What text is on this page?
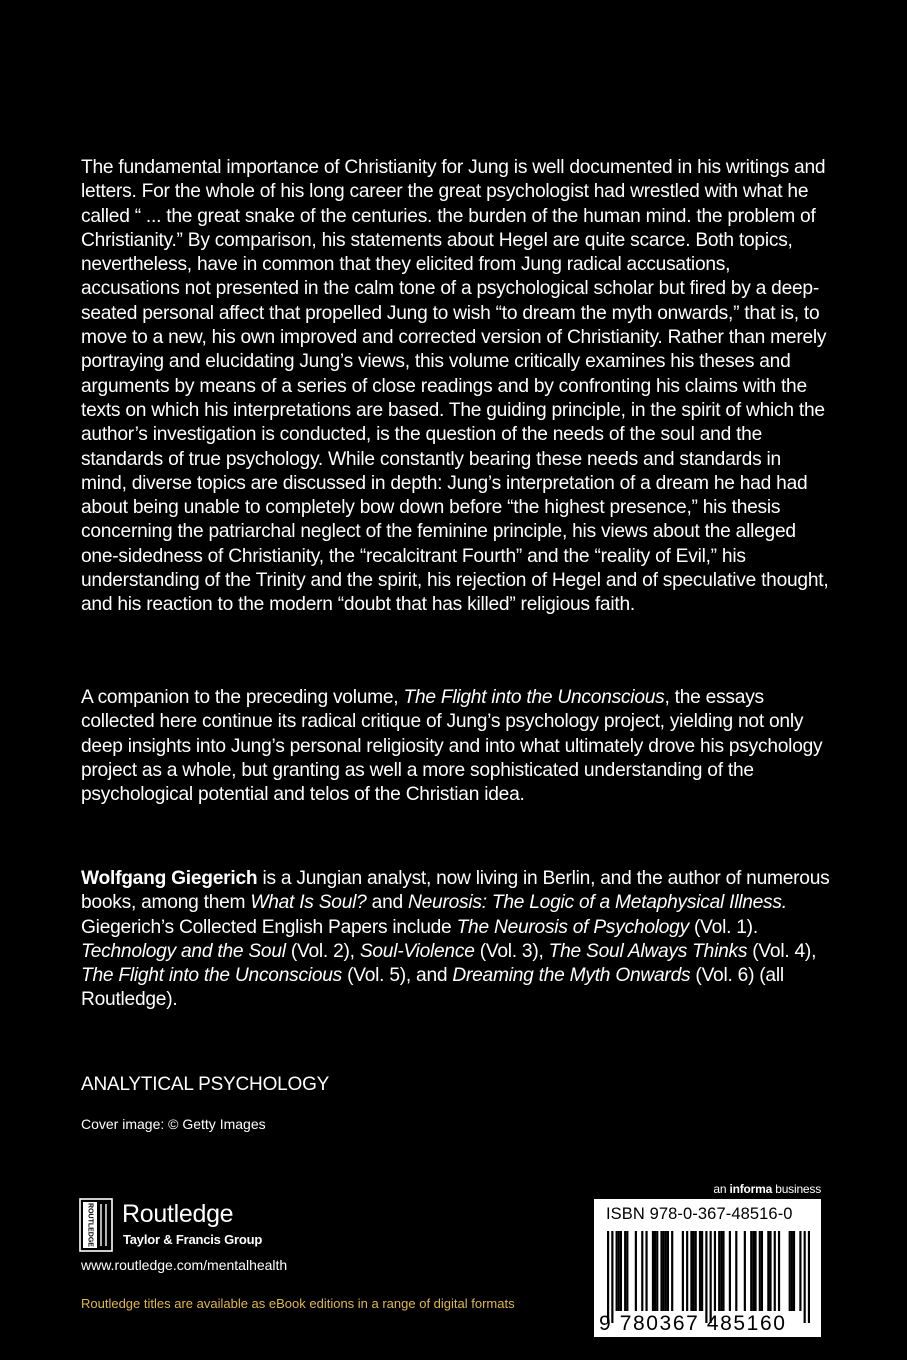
The fundamental importance of Christianity for Jung is well documented in his writings and letters. For the whole of his long career the great psychologist had wrestled with what he called “ ... the great snake of the centuries. the burden of the human mind. the problem of Christianity.” By comparison, his statements about Hegel are quite scarce. Both topics, nevertheless, have in common that they elicited from Jung radical accusations, accusations not presented in the calm tone of a psychological scholar but fired by a deep-seated personal affect that propelled Jung to wish “to dream the myth onwards,” that is, to move to a new, his own improved and corrected version of Christianity. Rather than merely portraying and elucidating Jung’s views, this volume critically examines his theses and arguments by means of a series of close readings and by confronting his claims with the texts on which his interpretations are based. The guiding principle, in the spirit of which the author’s investigation is conducted, is the question of the needs of the soul and the standards of true psychology. While constantly bearing these needs and standards in mind, diverse topics are discussed in depth: Jung’s interpretation of a dream he had had about being unable to completely bow down before “the highest presence,” his thesis concerning the patriarchal neglect of the feminine principle, his views about the alleged one-sidedness of Christianity, the “recalcitrant Fourth” and the “reality of Evil,” his understanding of the Trinity and the spirit, his rejection of Hegel and of speculative thought, and his reaction to the modern “doubt that has killed” religious faith.

A companion to the preceding volume, The Flight into the Unconscious, the essays collected here continue its radical critique of Jung’s psychology project, yielding not only deep insights into Jung’s personal religiosity and into what ultimately drove his psychology project as a whole, but granting as well a more sophisticated understanding of the psychological potential and telos of the Christian idea.

Wolfgang Giegerich is a Jungian analyst, now living in Berlin, and the author of numerous books, among them What Is Soul? and Neurosis: The Logic of a Metaphysical Illness. Giegerich’s Collected English Papers include The Neurosis of Psychology (Vol. 1). Technology and the Soul (Vol. 2), Soul-Violence (Vol. 3), The Soul Always Thinks (Vol. 4), The Flight into the Unconscious (Vol. 5), and Dreaming the Myth Onwards (Vol. 6) (all Routledge).

ANALYTICAL PSYCHOLOGY
Cover image: © Getty Images
ROUTLEDGE Routledge
Taylor & Francis Group
www.routledge.com/mentalhealth
Routledge titles are available as eBook editions in a range of digital formats
an informa business
ISBN 978-0-367-48516-0
9 780367 485160
